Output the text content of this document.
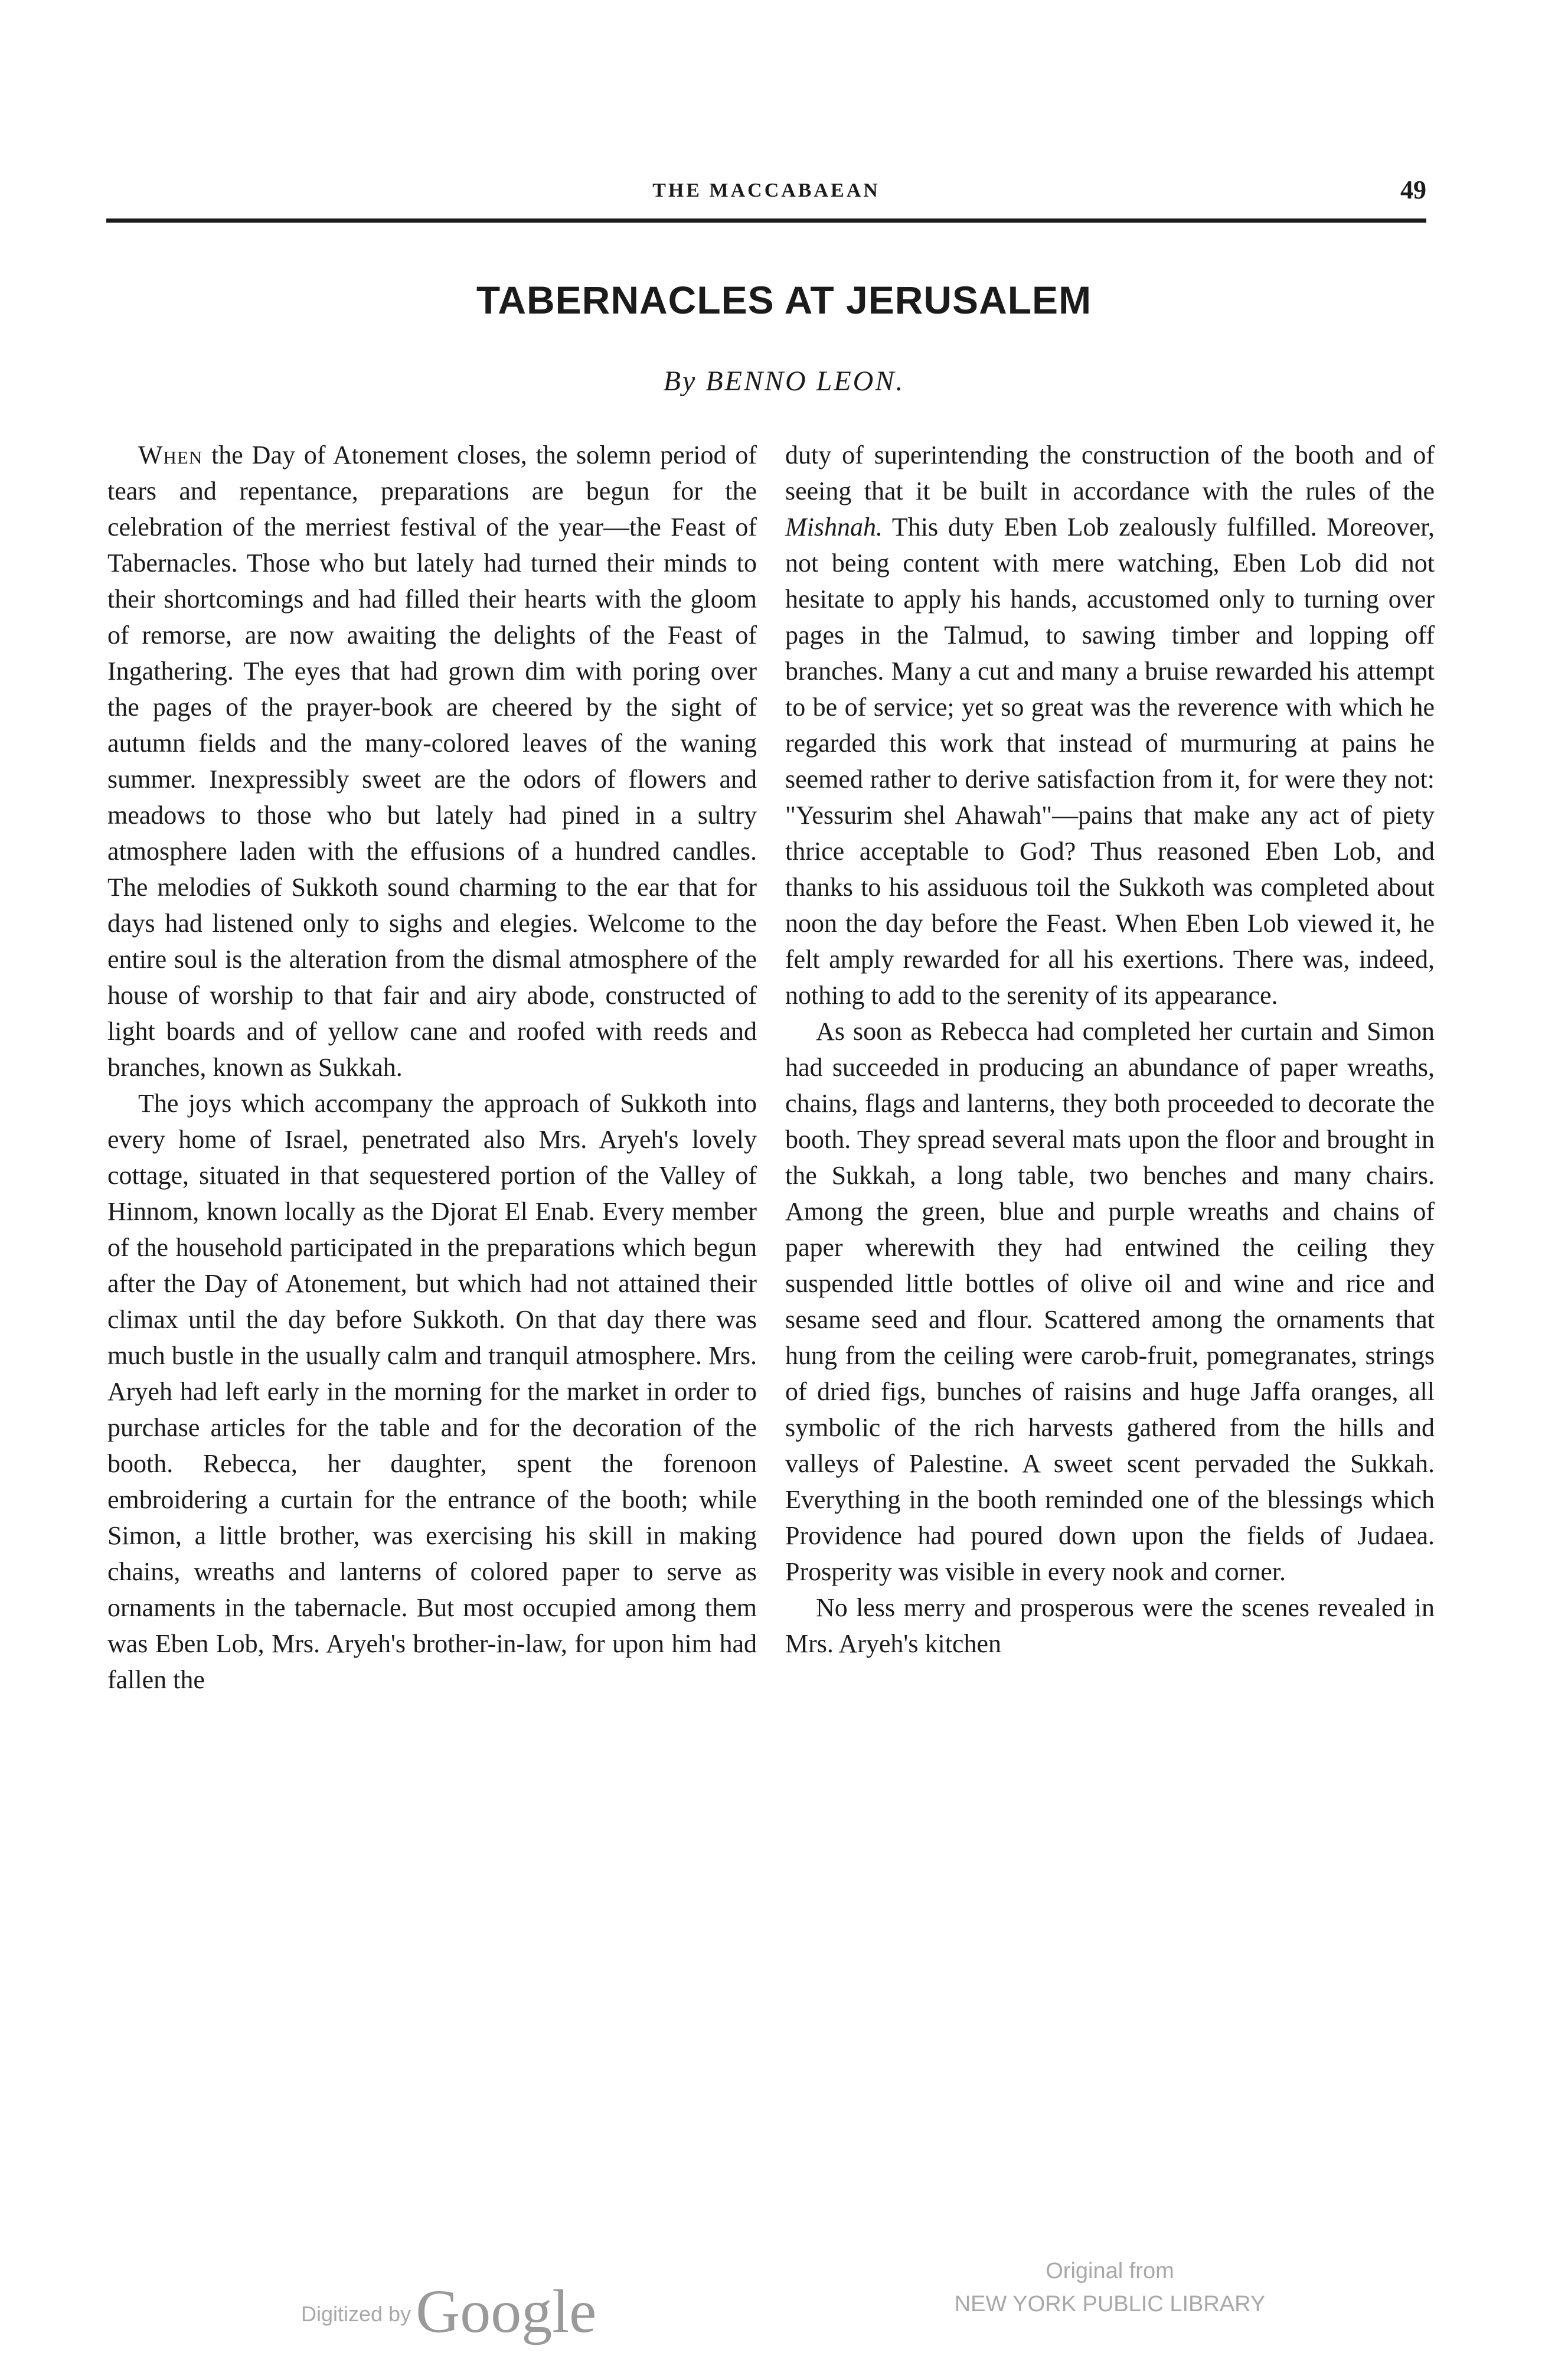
THE MACCABAEAN	49
TABERNACLES AT JERUSALEM
By BENNO LEON.

When the Day of Atonement closes, the solemn period of tears and repentance, preparations are begun for the celebration of the merriest festival of the year—the Feast of Tabernacles. Those who but lately had turned their minds to their shortcomings and had filled their hearts with the gloom of remorse, are now awaiting the delights of the Feast of Ingathering. The eyes that had grown dim with poring over the pages of the prayer-book are cheered by the sight of autumn fields and the many-colored leaves of the waning summer. Inexpressibly sweet are the odors of flowers and meadows to those who but lately had pined in a sultry atmosphere laden with the effusions of a hundred candles. The melodies of Sukkoth sound charming to the ear that for days had listened only to sighs and elegies. Welcome to the entire soul is the alteration from the dismal atmosphere of the house of worship to that fair and airy abode, constructed of light boards and of yellow cane and roofed with reeds and branches, known as Sukkah.

The joys which accompany the approach of Sukkoth into every home of Israel, penetrated also Mrs. Aryeh's lovely cottage, situated in that sequestered portion of the Valley of Hinnom, known locally as the Djorat El Enab. Every member of the household participated in the preparations which begun after the Day of Atonement, but which had not attained their climax until the day before Sukkoth. On that day there was much bustle in the usually calm and tranquil atmosphere. Mrs. Aryeh had left early in the morning for the market in order to purchase articles for the table and for the decoration of the booth. Rebecca, her daughter, spent the forenoon embroidering a curtain for the entrance of the booth; while Simon, a little brother, was exercising his skill in making chains, wreaths and lanterns of colored paper to serve as ornaments in the tabernacle. But most occupied among them was Eben Lob, Mrs. Aryeh's brother-in-law, for upon him had fallen the

duty of superintending the construction of the booth and of seeing that it be built in accordance with the rules of the Mishnah. This duty Eben Lob zealously fulfilled. Moreover, not being content with mere watching, Eben Lob did not hesitate to apply his hands, accustomed only to turning over pages in the Talmud, to sawing timber and lopping off branches. Many a cut and many a bruise rewarded his attempt to be of service; yet so great was the reverence with which he regarded this work that instead of murmuring at pains he seemed rather to derive satisfaction from it, for were they not: "Yessurim shel Ahawah"—pains that make any act of piety thrice acceptable to God? Thus reasoned Eben Lob, and thanks to his assiduous toil the Sukkoth was completed about noon the day before the Feast. When Eben Lob viewed it, he felt amply rewarded for all his exertions. There was, indeed, nothing to add to the serenity of its appearance.

As soon as Rebecca had completed her curtain and Simon had succeeded in producing an abundance of paper wreaths, chains, flags and lanterns, they both proceeded to decorate the booth. They spread several mats upon the floor and brought in the Sukkah, a long table, two benches and many chairs. Among the green, blue and purple wreaths and chains of paper wherewith they had entwined the ceiling they suspended little bottles of olive oil and wine and rice and sesame seed and flour. Scattered among the ornaments that hung from the ceiling were carob-fruit, pomegranates, strings of dried figs, bunches of raisins and huge Jaffa oranges, all symbolic of the rich harvests gathered from the hills and valleys of Palestine. A sweet scent pervaded the Sukkah. Everything in the booth reminded one of the blessings which Providence had poured down upon the fields of Judaea. Prosperity was visible in every nook and corner.

No less merry and prosperous were the scenes revealed in Mrs. Aryeh's kitchen

Digitized byGoogle
Original from
NEW YORK PUBLIC LIBRARY
